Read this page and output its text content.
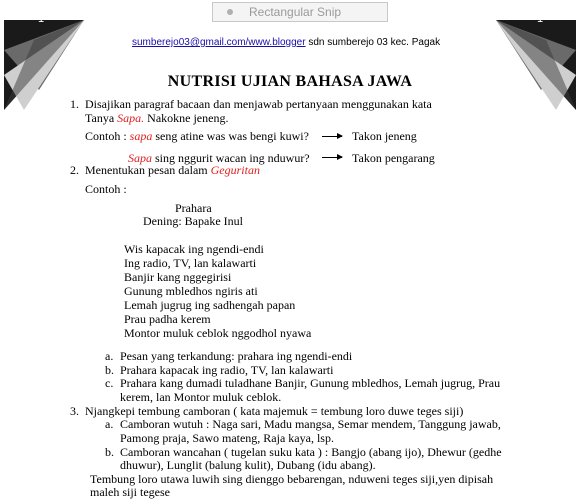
Rectangular Snip
1	1
sumberejo03@gmail.com/www.blogger sdn sumberejo 03 kec. Pagak
NUTRISI UJIAN BAHASA JAWA
1. Disajikan paragraf bacaan dan menjawab pertanyaan menggunakan kata
Tanya Sapa. Nakokne jeneng.
Contoh : sapa seng atine was was bengi kuwi?	Takon jeneng
Sapa sing nggurit wacan ing nduwur?	Takon pengarang
2. Menentukan pesan dalam Geguritan
Contoh :
Prahara
Dening: Bapake Inul
Wis kapacak ing ngendi-endi
Ing radio, TV, lan kalawarti
Banjir kang nggegirisi
Gunung mbledhos ngiris ati
Lemah jugrug ing sadhengah papan
Prau padha kerem
Montor muluk ceblok nggodhol nyawa
a. Pesan yang terkandung: prahara ing ngendi-endi
b. Prahara kapacak ing radio, TV, lan kalawarti
c. Prahara kang dumadi tuladhane Banjir, Gunung mbledhos, Lemah jugrug, Prau
kerem, lan Montor muluk ceblok.
3. Njangkepi tembung camboran ( kata majemuk = tembung loro duwe teges siji)
a. Camboran wutuh : Naga sari, Madu mangsa, Semar mendem, Tanggung jawab,
Pamong praja, Sawo mateng, Raja kaya, lsp.
b. Camboran wancahan ( tugelan suku kata ) : Bangjo (abang ijo), Dhewur (gedhe
dhuwur), Lunglit (balung kulit), Dubang (idu abang).
Tembung loro utawa luwih sing dienggo bebarengan, nduweni teges siji,yen dipisah
maleh siji tegese
